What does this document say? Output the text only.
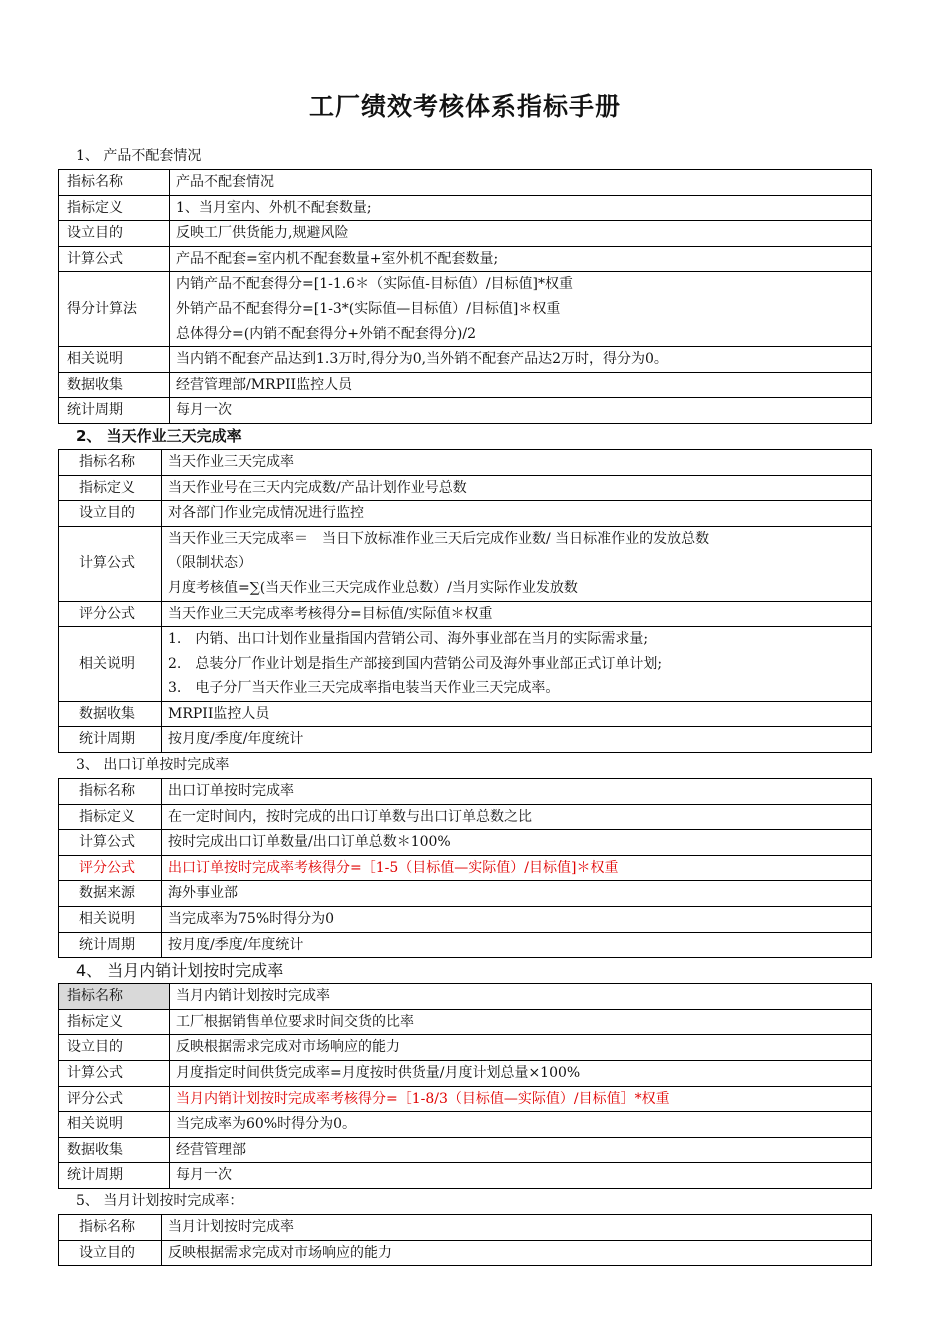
工厂绩效考核体系指标手册
1、 产品不配套情况
指标名称	产品不配套情况
指标定义	1、当月室内、外机不配套数量;
设立目的	反映工厂供货能力,规避风险
计算公式	产品不配套=室内机不配套数量+室外机不配套数量;
得分计算法	内销产品不配套得分=[1-1.6＊（实际值-目标值）/目标值]*权重
外销产品不配套得分=[1-3*(实际值—目标值）/目标值]＊权重
总体得分=(内销不配套得分+外销不配套得分)/2

相关说明	当内销不配套产品达到1.3万时,得分为0,当外销不配套产品达2万时，得分为0。
数据收集	经营管理部/MRPII监控人员
统计周期	每月一次
2、 当天作业三天完成率
指标名称	当天作业三天完成率
指标定义	当天作业号在三天内完成数/产品计划作业号总数
设立目的	对各部门作业完成情况进行监控
计算公式	当天作业三天完成率＝　当日下放标准作业三天后完成作业数/ 当日标准作业的发放总数
（限制状态）
月度考核值=∑(当天作业三天完成作业总数）/当月实际作业发放数

评分公式	当天作业三天完成率考核得分=目标值/实际值＊权重
相关说明	1.　内销、出口计划作业量指国内营销公司、海外事业部在当月的实际需求量;
2.　总装分厂作业计划是指生产部接到国内营销公司及海外事业部正式订单计划;
3.　电子分厂当天作业三天完成率指电装当天作业三天完成率。

数据收集	MRPII监控人员
统计周期	按月度/季度/年度统计
3、 出口订单按时完成率
指标名称	出口订单按时完成率
指标定义	在一定时间内，按时完成的出口订单数与出口订单总数之比
计算公式	按时完成出口订单数量/出口订单总数＊100%
评分公式	出口订单按时完成率考核得分=［1-5（目标值—实际值）/目标值]＊权重
数据来源	海外事业部
相关说明	当完成率为75%时得分为0
统计周期	按月度/季度/年度统计
4、 当月内销计划按时完成率
指标名称	当月内销计划按时完成率
指标定义	工厂根据销售单位要求时间交货的比率
设立目的	反映根据需求完成对市场响应的能力
计算公式	月度指定时间供货完成率=月度按时供货量/月度计划总量×100%
评分公式	当月内销计划按时完成率考核得分=［1-8/3（目标值—实际值）/目标值］*权重
相关说明	当完成率为60%时得分为0。
数据收集	经营管理部
统计周期	每月一次
5、 当月计划按时完成率：
指标名称	当月计划按时完成率
设立目的	反映根据需求完成对市场响应的能力
